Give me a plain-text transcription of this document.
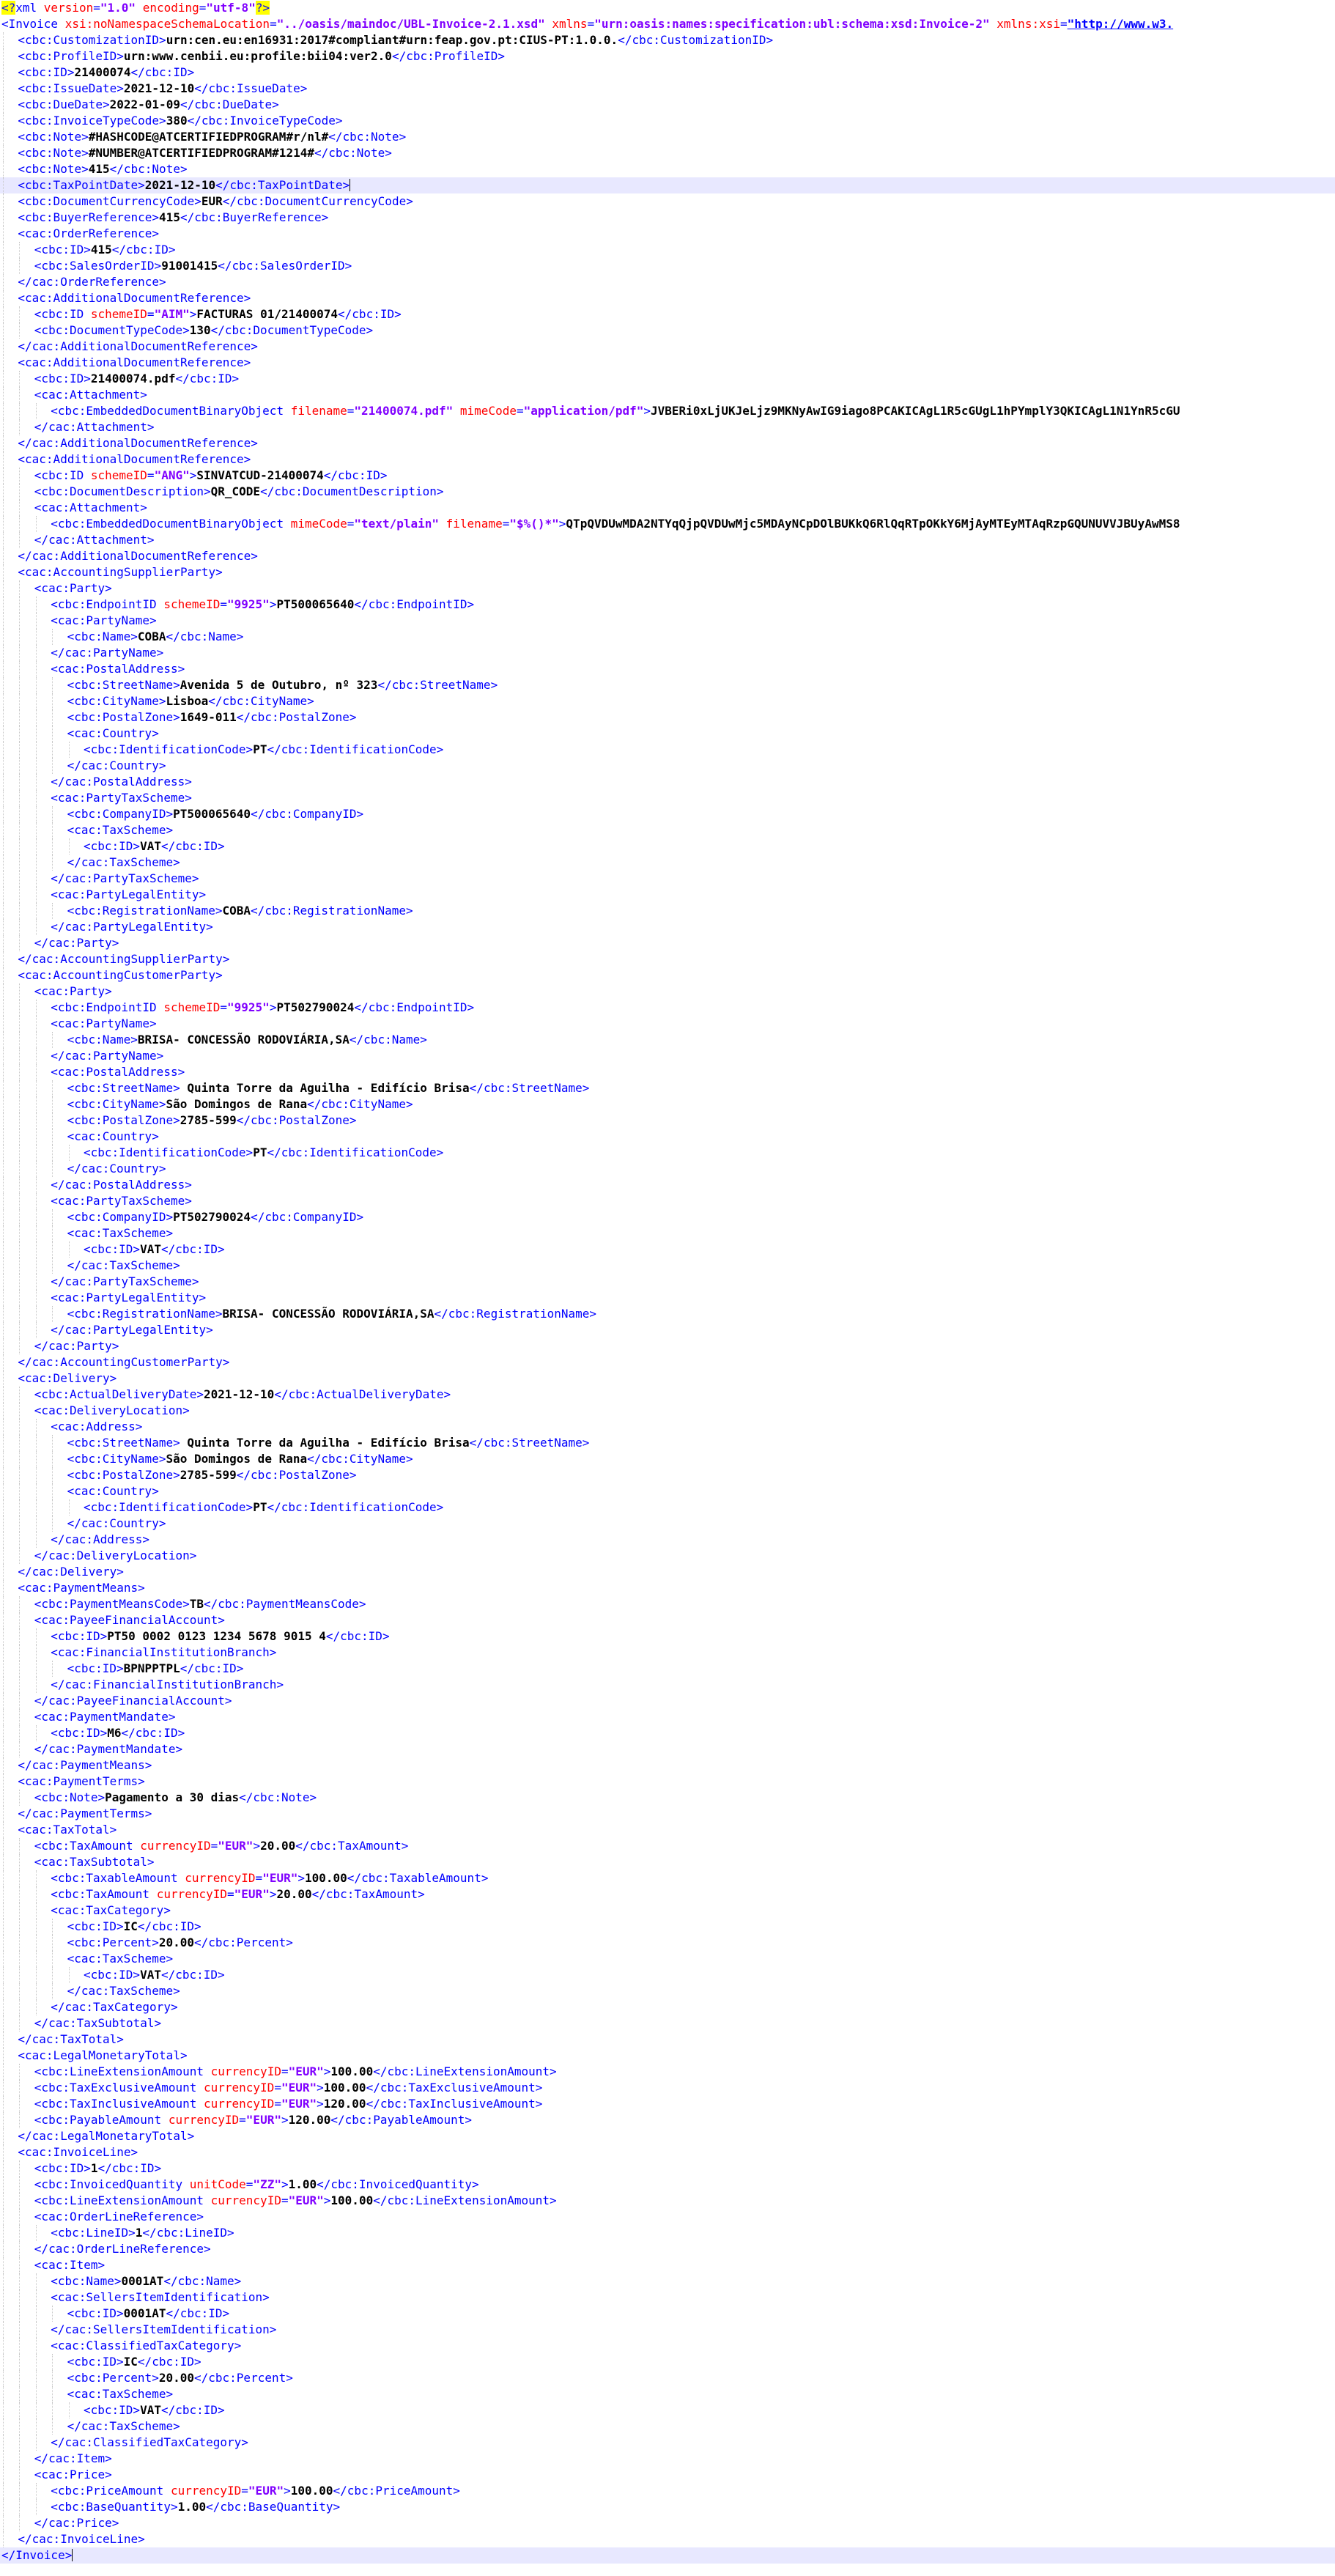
<?xml version="1.0" encoding="utf-8"?>
<Invoice xsi:noNamespaceSchemaLocation="../oasis/maindoc/UBL-Invoice-2.1.xsd" xmlns="urn:oasis:names:specification:ubl:schema:xsd:Invoice-2" xmlns:xsi="http://www.w3.
<cbc:CustomizationID>urn:cen.eu:en16931:2017#compliant#urn:feap.gov.pt:CIUS-PT:1.0.0.</cbc:CustomizationID>
<cbc:ProfileID>urn:www.cenbii.eu:profile:bii04:ver2.0</cbc:ProfileID>
<cbc:ID>21400074</cbc:ID>
<cbc:IssueDate>2021-12-10</cbc:IssueDate>
<cbc:DueDate>2022-01-09</cbc:DueDate>
<cbc:InvoiceTypeCode>380</cbc:InvoiceTypeCode>
<cbc:Note>#HASHCODE@ATCERTIFIEDPROGRAM#r/nl#</cbc:Note>
<cbc:Note>#NUMBER@ATCERTIFIEDPROGRAM#1214#</cbc:Note>
<cbc:Note>415</cbc:Note>
<cbc:TaxPointDate>2021-12-10</cbc:TaxPointDate>
<cbc:DocumentCurrencyCode>EUR</cbc:DocumentCurrencyCode>
<cbc:BuyerReference>415</cbc:BuyerReference>
<cac:OrderReference>
<cbc:ID>415</cbc:ID>
<cbc:SalesOrderID>91001415</cbc:SalesOrderID>
</cac:OrderReference>
<cac:AdditionalDocumentReference>
<cbc:ID schemeID="AIM">FACTURAS 01/21400074</cbc:ID>
<cbc:DocumentTypeCode>130</cbc:DocumentTypeCode>
</cac:AdditionalDocumentReference>
<cac:AdditionalDocumentReference>
<cbc:ID>21400074.pdf</cbc:ID>
<cac:Attachment>
<cbc:EmbeddedDocumentBinaryObject filename="21400074.pdf" mimeCode="application/pdf">JVBERi0xLjUKJeLjz9MKNyAwIG9iago8PCAKICAgL1R5cGUgL1hPYmplY3QKICAgL1N1YnR5cGU
</cac:Attachment>
</cac:AdditionalDocumentReference>
<cac:AdditionalDocumentReference>
<cbc:ID schemeID="ANG">SINVATCUD-21400074</cbc:ID>
<cbc:DocumentDescription>QR_CODE</cbc:DocumentDescription>
<cac:Attachment>
<cbc:EmbeddedDocumentBinaryObject mimeCode="text/plain" filename="$%()*">QTpQVDUwMDA2NTYqQjpQVDUwMjc5MDAyNCpDOlBUKkQ6RlQqRTpOKkY6MjAyMTEyMTAqRzpGQUNUVVJBUyAwMS8
</cac:Attachment>
</cac:AdditionalDocumentReference>
<cac:AccountingSupplierParty>
<cac:Party>
<cbc:EndpointID schemeID="9925">PT500065640</cbc:EndpointID>
<cac:PartyName>
<cbc:Name>COBA</cbc:Name>
</cac:PartyName>
<cac:PostalAddress>
<cbc:StreetName>Avenida 5 de Outubro, nº 323</cbc:StreetName>
<cbc:CityName>Lisboa</cbc:CityName>
<cbc:PostalZone>1649-011</cbc:PostalZone>
<cac:Country>
<cbc:IdentificationCode>PT</cbc:IdentificationCode>
</cac:Country>
</cac:PostalAddress>
<cac:PartyTaxScheme>
<cbc:CompanyID>PT500065640</cbc:CompanyID>
<cac:TaxScheme>
<cbc:ID>VAT</cbc:ID>
</cac:TaxScheme>
</cac:PartyTaxScheme>
<cac:PartyLegalEntity>
<cbc:RegistrationName>COBA</cbc:RegistrationName>
</cac:PartyLegalEntity>
</cac:Party>
</cac:AccountingSupplierParty>
<cac:AccountingCustomerParty>
<cac:Party>
<cbc:EndpointID schemeID="9925">PT502790024</cbc:EndpointID>
<cac:PartyName>
<cbc:Name>BRISA- CONCESSÃO RODOVIÁRIA,SA</cbc:Name>
</cac:PartyName>
<cac:PostalAddress>
<cbc:StreetName> Quinta Torre da Aguilha - Edifício Brisa</cbc:StreetName>
<cbc:CityName>São Domingos de Rana</cbc:CityName>
<cbc:PostalZone>2785-599</cbc:PostalZone>
<cac:Country>
<cbc:IdentificationCode>PT</cbc:IdentificationCode>
</cac:Country>
</cac:PostalAddress>
<cac:PartyTaxScheme>
<cbc:CompanyID>PT502790024</cbc:CompanyID>
<cac:TaxScheme>
<cbc:ID>VAT</cbc:ID>
</cac:TaxScheme>
</cac:PartyTaxScheme>
<cac:PartyLegalEntity>
<cbc:RegistrationName>BRISA- CONCESSÃO RODOVIÁRIA,SA</cbc:RegistrationName>
</cac:PartyLegalEntity>
</cac:Party>
</cac:AccountingCustomerParty>
<cac:Delivery>
<cbc:ActualDeliveryDate>2021-12-10</cbc:ActualDeliveryDate>
<cac:DeliveryLocation>
<cac:Address>
<cbc:StreetName> Quinta Torre da Aguilha - Edifício Brisa</cbc:StreetName>
<cbc:CityName>São Domingos de Rana</cbc:CityName>
<cbc:PostalZone>2785-599</cbc:PostalZone>
<cac:Country>
<cbc:IdentificationCode>PT</cbc:IdentificationCode>
</cac:Country>
</cac:Address>
</cac:DeliveryLocation>
</cac:Delivery>
<cac:PaymentMeans>
<cbc:PaymentMeansCode>TB</cbc:PaymentMeansCode>
<cac:PayeeFinancialAccount>
<cbc:ID>PT50 0002 0123 1234 5678 9015 4</cbc:ID>
<cac:FinancialInstitutionBranch>
<cbc:ID>BPNPPTPL</cbc:ID>
</cac:FinancialInstitutionBranch>
</cac:PayeeFinancialAccount>
<cac:PaymentMandate>
<cbc:ID>M6</cbc:ID>
</cac:PaymentMandate>
</cac:PaymentMeans>
<cac:PaymentTerms>
<cbc:Note>Pagamento a 30 dias</cbc:Note>
</cac:PaymentTerms>
<cac:TaxTotal>
<cbc:TaxAmount currencyID="EUR">20.00</cbc:TaxAmount>
<cac:TaxSubtotal>
<cbc:TaxableAmount currencyID="EUR">100.00</cbc:TaxableAmount>
<cbc:TaxAmount currencyID="EUR">20.00</cbc:TaxAmount>
<cac:TaxCategory>
<cbc:ID>IC</cbc:ID>
<cbc:Percent>20.00</cbc:Percent>
<cac:TaxScheme>
<cbc:ID>VAT</cbc:ID>
</cac:TaxScheme>
</cac:TaxCategory>
</cac:TaxSubtotal>
</cac:TaxTotal>
<cac:LegalMonetaryTotal>
<cbc:LineExtensionAmount currencyID="EUR">100.00</cbc:LineExtensionAmount>
<cbc:TaxExclusiveAmount currencyID="EUR">100.00</cbc:TaxExclusiveAmount>
<cbc:TaxInclusiveAmount currencyID="EUR">120.00</cbc:TaxInclusiveAmount>
<cbc:PayableAmount currencyID="EUR">120.00</cbc:PayableAmount>
</cac:LegalMonetaryTotal>
<cac:InvoiceLine>
<cbc:ID>1</cbc:ID>
<cbc:InvoicedQuantity unitCode="ZZ">1.00</cbc:InvoicedQuantity>
<cbc:LineExtensionAmount currencyID="EUR">100.00</cbc:LineExtensionAmount>
<cac:OrderLineReference>
<cbc:LineID>1</cbc:LineID>
</cac:OrderLineReference>
<cac:Item>
<cbc:Name>0001AT</cbc:Name>
<cac:SellersItemIdentification>
<cbc:ID>0001AT</cbc:ID>
</cac:SellersItemIdentification>
<cac:ClassifiedTaxCategory>
<cbc:ID>IC</cbc:ID>
<cbc:Percent>20.00</cbc:Percent>
<cac:TaxScheme>
<cbc:ID>VAT</cbc:ID>
</cac:TaxScheme>
</cac:ClassifiedTaxCategory>
</cac:Item>
<cac:Price>
<cbc:PriceAmount currencyID="EUR">100.00</cbc:PriceAmount>
<cbc:BaseQuantity>1.00</cbc:BaseQuantity>
</cac:Price>
</cac:InvoiceLine>
</Invoice>
